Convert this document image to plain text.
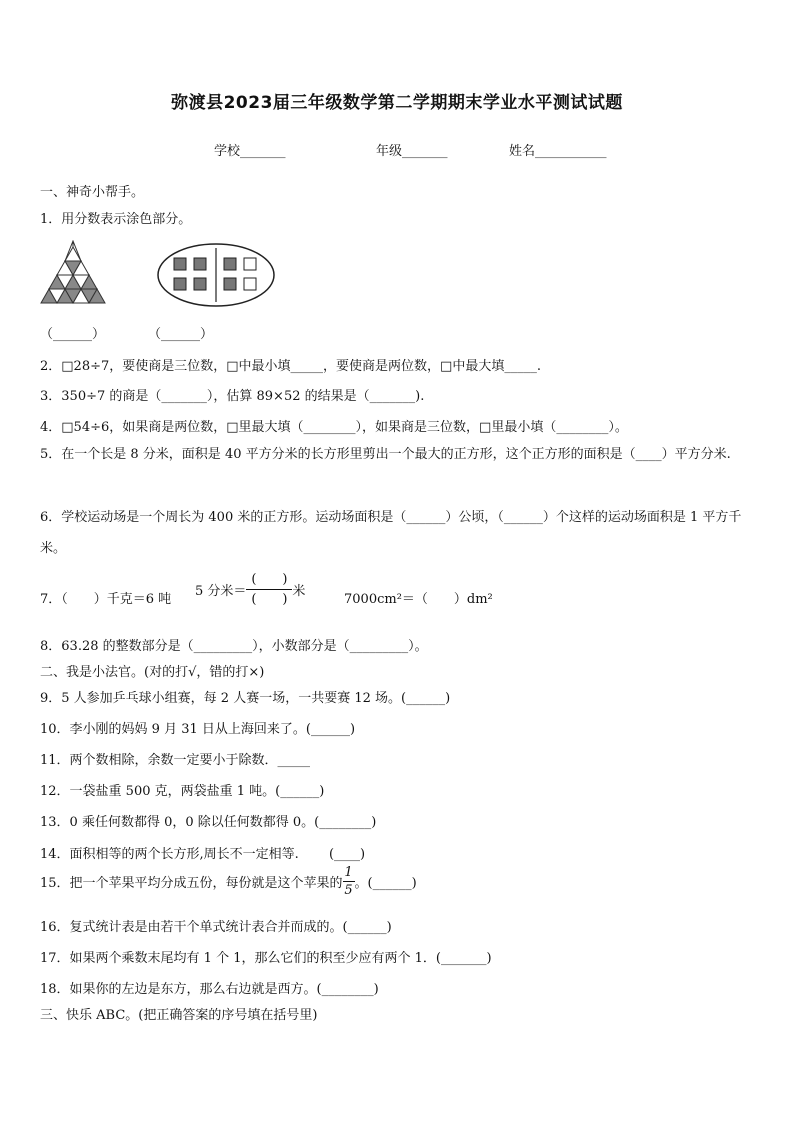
弥渡县2023届三年级数学第二学期期末学业水平测试试题
学校_______	年级_______	姓名___________
一、神奇小帮手。
1．用分数表示涂色部分。
（______）	（______）
2．□28÷7，要使商是三位数，□中最小填_____，要使商是两位数，□中最大填_____.
3．350÷7 的商是（_______），估算 89×52 的结果是（_______).
4．□54÷6，如果商是两位数，□里最大填（________），如果商是三位数，□里最小填（________）。
5．在一个长是 8 分米，面积是 40 平方分米的长方形里剪出一个最大的正方形，这个正方形的面积是（____）平方分米.
6．学校运动场是一个周长为 400 米的正方形。运动场面积是（______）公顷，（______）个这样的运动场面积是 1 平方千米。
7．（　　）千克＝6 吨
5 分米＝ $\frac{( )}{( )}$ 米
7000cm²＝（　　）dm²
8．63.28 的整数部分是（_________），小数部分是（_________）。
二、我是小法官。(对的打√，错的打×)
9．5 人参加乒乓球小组赛，每 2 人赛一场，一共要赛 12 场。(______)
10．李小刚的妈妈 9 月 31 日从上海回来了。(______)
11．两个数相除，余数一定要小于除数．_____
12．一袋盐重 500 克，两袋盐重 1 吨。(______)
13．0 乘任何数都得 0，0 除以任何数都得 0。(________)
14．面积相等的两个长方形,周长不一定相等.　　 (____)
15．把一个苹果平均分成五份，每份就是这个苹果的 $\frac{1}{5}$ 。(______)
16．复式统计表是由若干个单式统计表合并而成的。(______)
17．如果两个乘数末尾均有 1 个 1，那么它们的积至少应有两个 1．(_______)
18．如果你的左边是东方，那么右边就是西方。(________)
三、快乐 ABC。(把正确答案的序号填在括号里)
